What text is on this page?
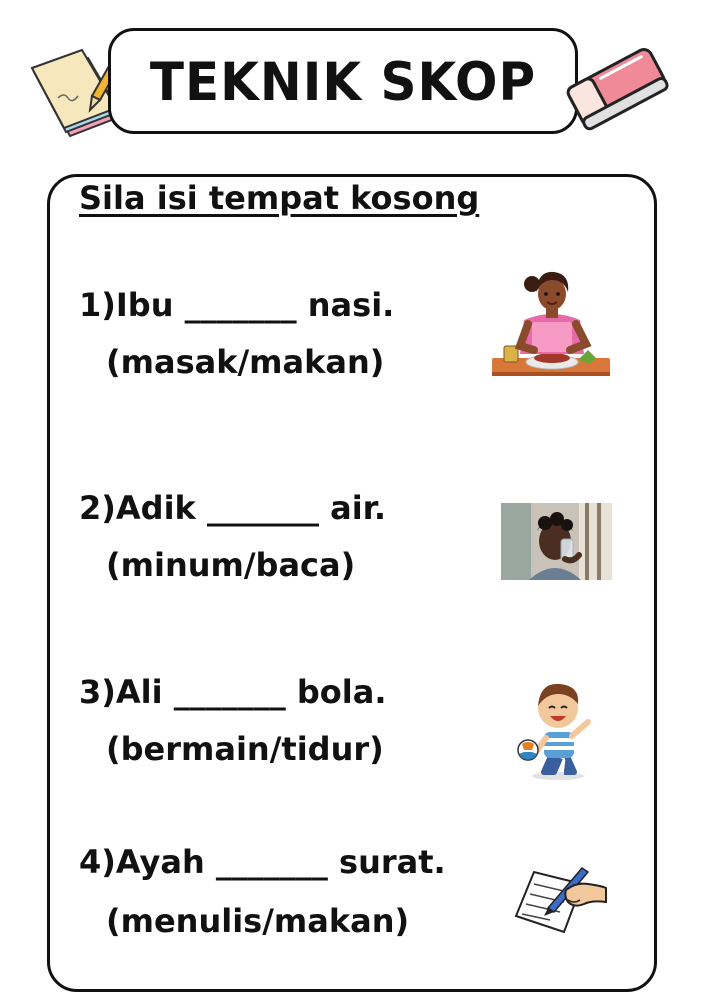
TEKNIK SKOP
Sila isi tempat kosong
1)Ibu _______ nasi.
(masak/makan)
2)Adik _______ air.
(minum/baca)
3)Ali _______ bola.
(bermain/tidur)
4)Ayah _______ surat.
(menulis/makan)
